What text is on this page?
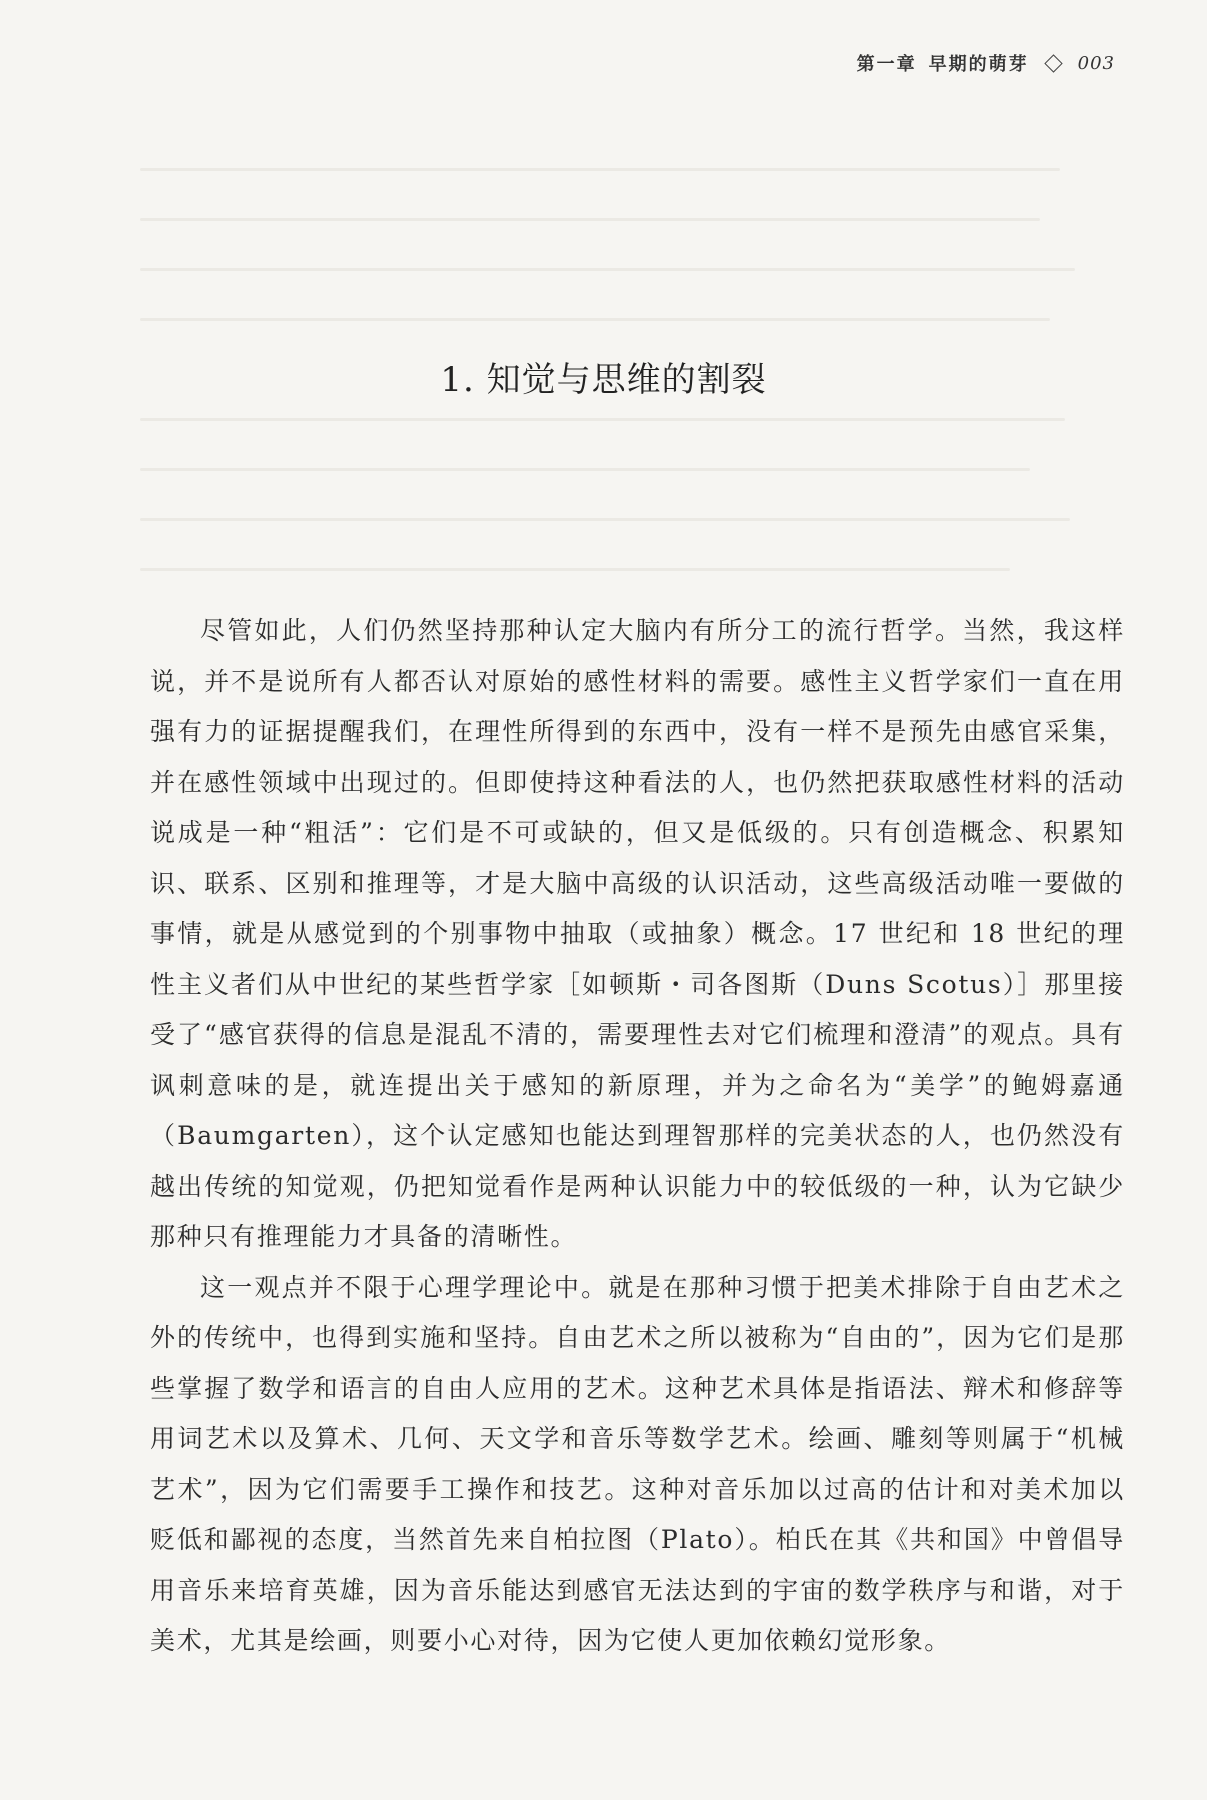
第一章 早期的萌芽	003
1. 知觉与思维的割裂

尽管如此，人们仍然坚持那种认定大脑内有所分工的流行哲学。当然，我这样说，并不是说所有人都否认对原始的感性材料的需要。感性主义哲学家们一直在用强有力的证据提醒我们，在理性所得到的东西中，没有一样不是预先由感官采集，并在感性领域中出现过的。但即使持这种看法的人，也仍然把获取感性材料的活动说成是一种“粗活”：它们是不可或缺的，但又是低级的。只有创造概念、积累知识、联系、区别和推理等，才是大脑中高级的认识活动，这些高级活动唯一要做的事情，就是从感觉到的个别事物中抽取（或抽象）概念。17 世纪和 18 世纪的理性主义者们从中世纪的某些哲学家［如顿斯・司各图斯（Duns Scotus）］那里接受了“感官获得的信息是混乱不清的，需要理性去对它们梳理和澄清”的观点。具有讽刺意味的是，就连提出关于感知的新原理，并为之命名为“美学”的鲍姆嘉通（Baumgarten），这个认定感知也能达到理智那样的完美状态的人，也仍然没有越出传统的知觉观，仍把知觉看作是两种认识能力中的较低级的一种，认为它缺少那种只有推理能力才具备的清晰性。

这一观点并不限于心理学理论中。就是在那种习惯于把美术排除于自由艺术之外的传统中，也得到实施和坚持。自由艺术之所以被称为“自由的”，因为它们是那些掌握了数学和语言的自由人应用的艺术。这种艺术具体是指语法、辩术和修辞等用词艺术以及算术、几何、天文学和音乐等数学艺术。绘画、雕刻等则属于“机械艺术”，因为它们需要手工操作和技艺。这种对音乐加以过高的估计和对美术加以贬低和鄙视的态度，当然首先来自柏拉图（Plato）。柏氏在其《共和国》中曾倡导用音乐来培育英雄，因为音乐能达到感官无法达到的宇宙的数学秩序与和谐，对于美术，尤其是绘画，则要小心对待，因为它使人更加依赖幻觉形象。
